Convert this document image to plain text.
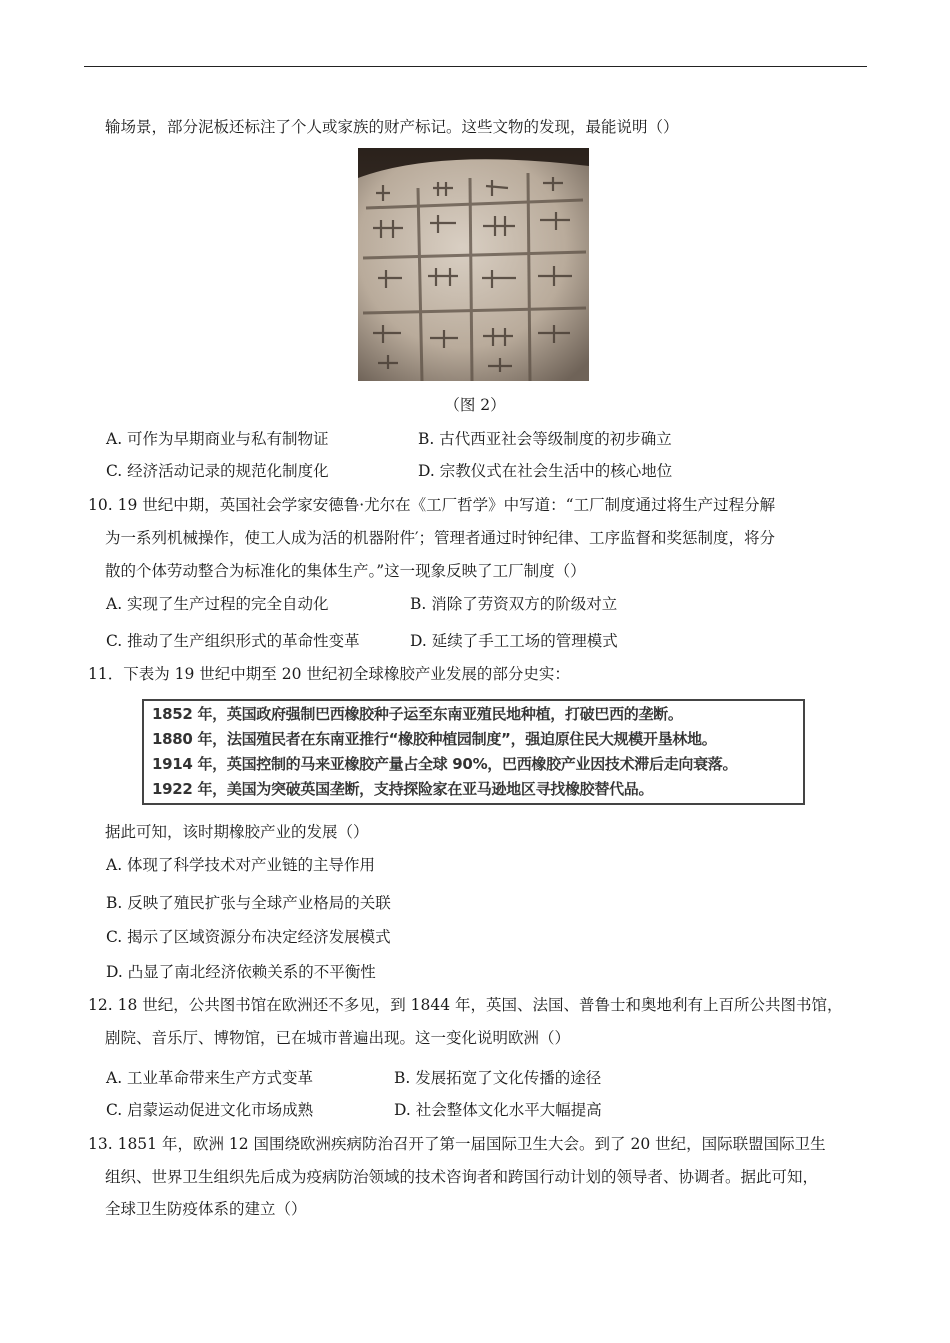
输场景，部分泥板还标注了个人或家族的财产标记。这些文物的发现，最能说明（）
（图 2）
A. 可作为早期商业与私有制物证	B. 古代西亚社会等级制度的初步确立
C. 经济活动记录的规范化制度化	D. 宗教仪式在社会生活中的核心地位
10. 19 世纪中期，英国社会学家安德鲁·尤尔在《工厂哲学》中写道：“工厂制度通过将生产过程分解
为一系列机械操作，使工人成为活的机器附件′；管理者通过时钟纪律、工序监督和奖惩制度，将分
散的个体劳动整合为标准化的集体生产。”这一现象反映了工厂制度（）
A. 实现了生产过程的完全自动化	B. 消除了劳资双方的阶级对立
C. 推动了生产组织形式的革命性变革	D. 延续了手工工场的管理模式
11．下表为 19 世纪中期至 20 世纪初全球橡胶产业发展的部分史实：
1852 年，英国政府强制巴西橡胶种子运至东南亚殖民地种植，打破巴西的垄断。
1880 年，法国殖民者在东南亚推行“橡胶种植园制度”，强迫原住民大规模开垦林地。
1914 年，英国控制的马来亚橡胶产量占全球 90%，巴西橡胶产业因技术滞后走向衰落。
1922 年，美国为突破英国垄断，支持探险家在亚马逊地区寻找橡胶替代品。
据此可知，该时期橡胶产业的发展（）
A. 体现了科学技术对产业链的主导作用
B. 反映了殖民扩张与全球产业格局的关联
C. 揭示了区域资源分布决定经济发展模式
D. 凸显了南北经济依赖关系的不平衡性
12. 18 世纪，公共图书馆在欧洲还不多见，到 1844 年，英国、法国、普鲁士和奥地利有上百所公共图书馆，
剧院、音乐厅、博物馆，已在城市普遍出现。这一变化说明欧洲（）
A. 工业革命带来生产方式变革	B. 发展拓宽了文化传播的途径
C. 启蒙运动促进文化市场成熟	D. 社会整体文化水平大幅提高
13. 1851 年，欧洲 12 国围绕欧洲疾病防治召开了第一届国际卫生大会。到了 20 世纪，国际联盟国际卫生
组织、世界卫生组织先后成为疫病防治领域的技术咨询者和跨国行动计划的领导者、协调者。据此可知，
全球卫生防疫体系的建立（）
